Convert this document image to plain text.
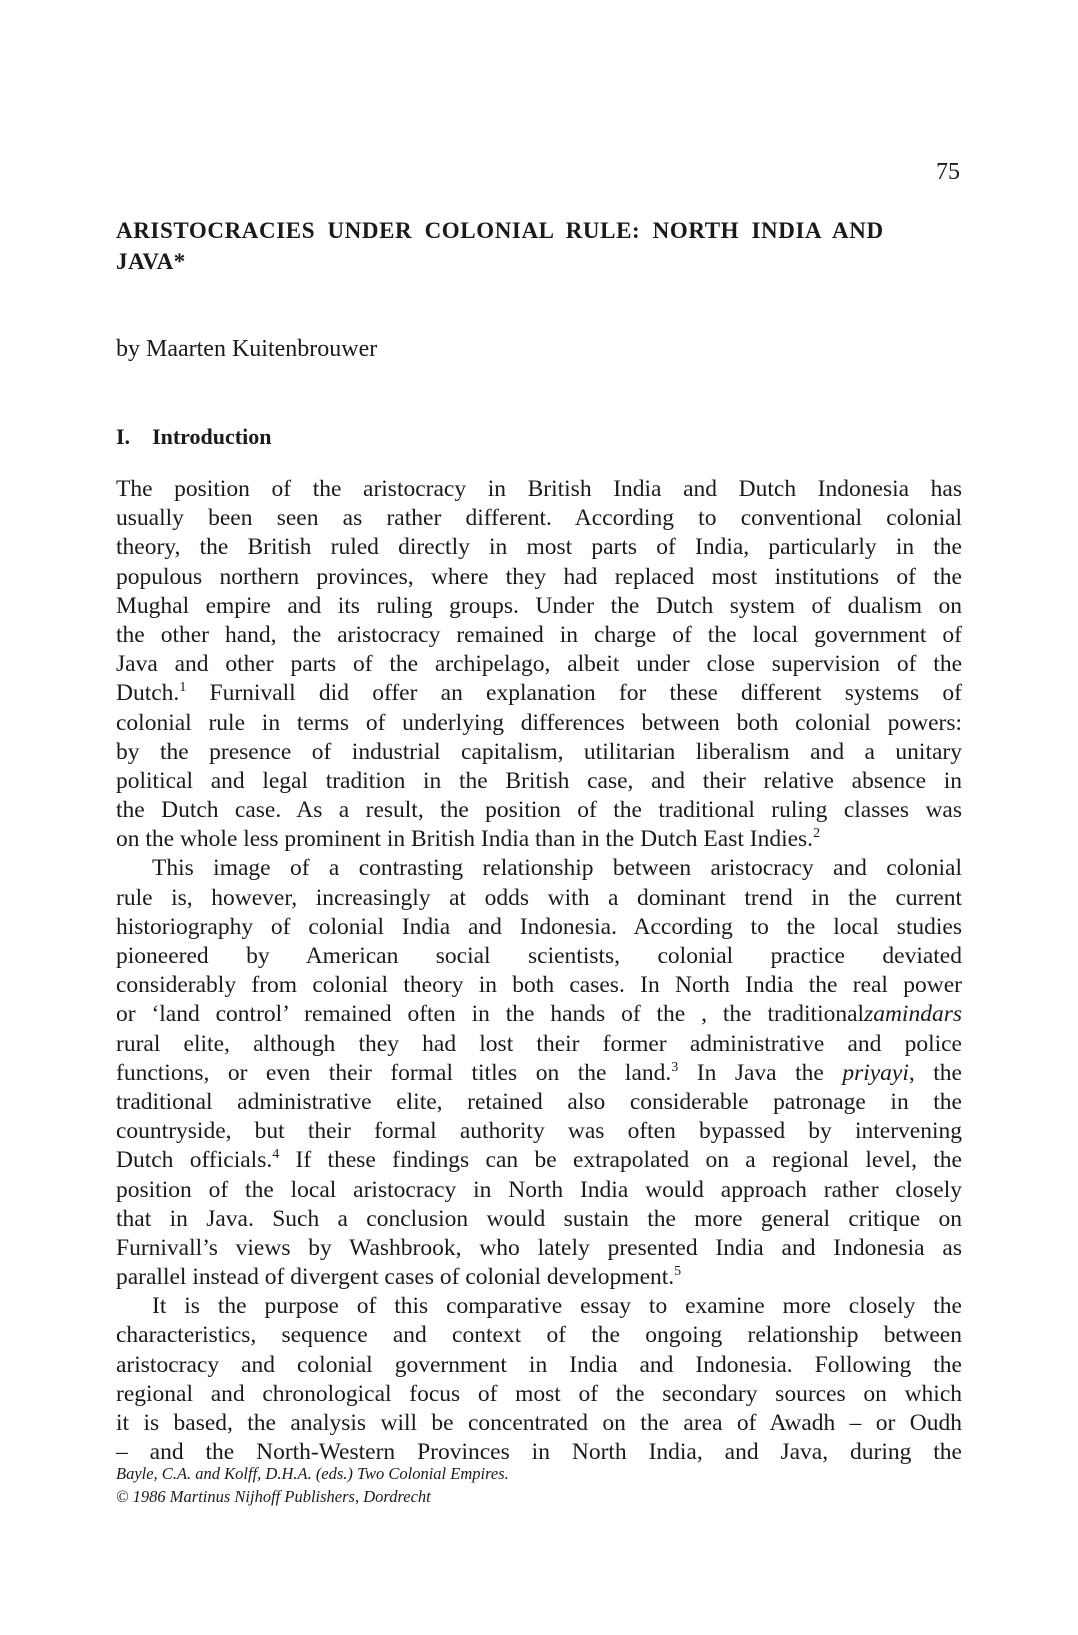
75
ARISTOCRACIES UNDER COLONIAL RULE: NORTH INDIA AND JAVA*
by Maarten Kuitenbrouwer
I. Introduction
The position of the aristocracy in British India and Dutch Indonesia has
usually been seen as rather different. According to conventional colonial
theory, the British ruled directly in most parts of India, particularly in the
populous northern provinces, where they had replaced most institutions of the
Mughal empire and its ruling groups. Under the Dutch system of dualism on
the other hand, the aristocracy remained in charge of the local government of
Java and other parts of the archipelago, albeit under close supervision of the
Dutch.$^1$ Furnivall did offer an explanation for these different systems of
colonial rule in terms of underlying differences between both colonial powers:
by the presence of industrial capitalism, utilitarian liberalism and a unitary
political and legal tradition in the British case, and their relative absence in
the Dutch case. As a result, the position of the traditional ruling classes was
on the whole less prominent in British India than in the Dutch East Indies.$^2$
This image of a contrasting relationship between aristocracy and colonial
rule is, however, increasingly at odds with a dominant trend in the current
historiography of colonial India and Indonesia. According to the local studies
pioneered by American social scientists, colonial practice deviated
considerably from colonial theory in both cases. In North India the real power
or ‘land control’ remained often in the hands of the , the traditionalzamindars
rural elite, although they had lost their former administrative and police
functions, or even their formal titles on the land.$^3$ In Java the priyayi, the
traditional administrative elite, retained also considerable patronage in the
countryside, but their formal authority was often bypassed by intervening
Dutch officials.$^4$ If these findings can be extrapolated on a regional level, the
position of the local aristocracy in North India would approach rather closely
that in Java. Such a conclusion would sustain the more general critique on
Furnivall’s views by Washbrook, who lately presented India and Indonesia as
parallel instead of divergent cases of colonial development.$^5$
It is the purpose of this comparative essay to examine more closely the
characteristics, sequence and context of the ongoing relationship between
aristocracy and colonial government in India and Indonesia. Following the
regional and chronological focus of most of the secondary sources on which
it is based, the analysis will be concentrated on the area of Awadh – or Oudh
– and the North-Western Provinces in North India, and Java, during the
Bayle, C.A. and Kolff, D.H.A. (eds.) Two Colonial Empires.
© 1986 Martinus Nijhoff Publishers, Dordrecht
